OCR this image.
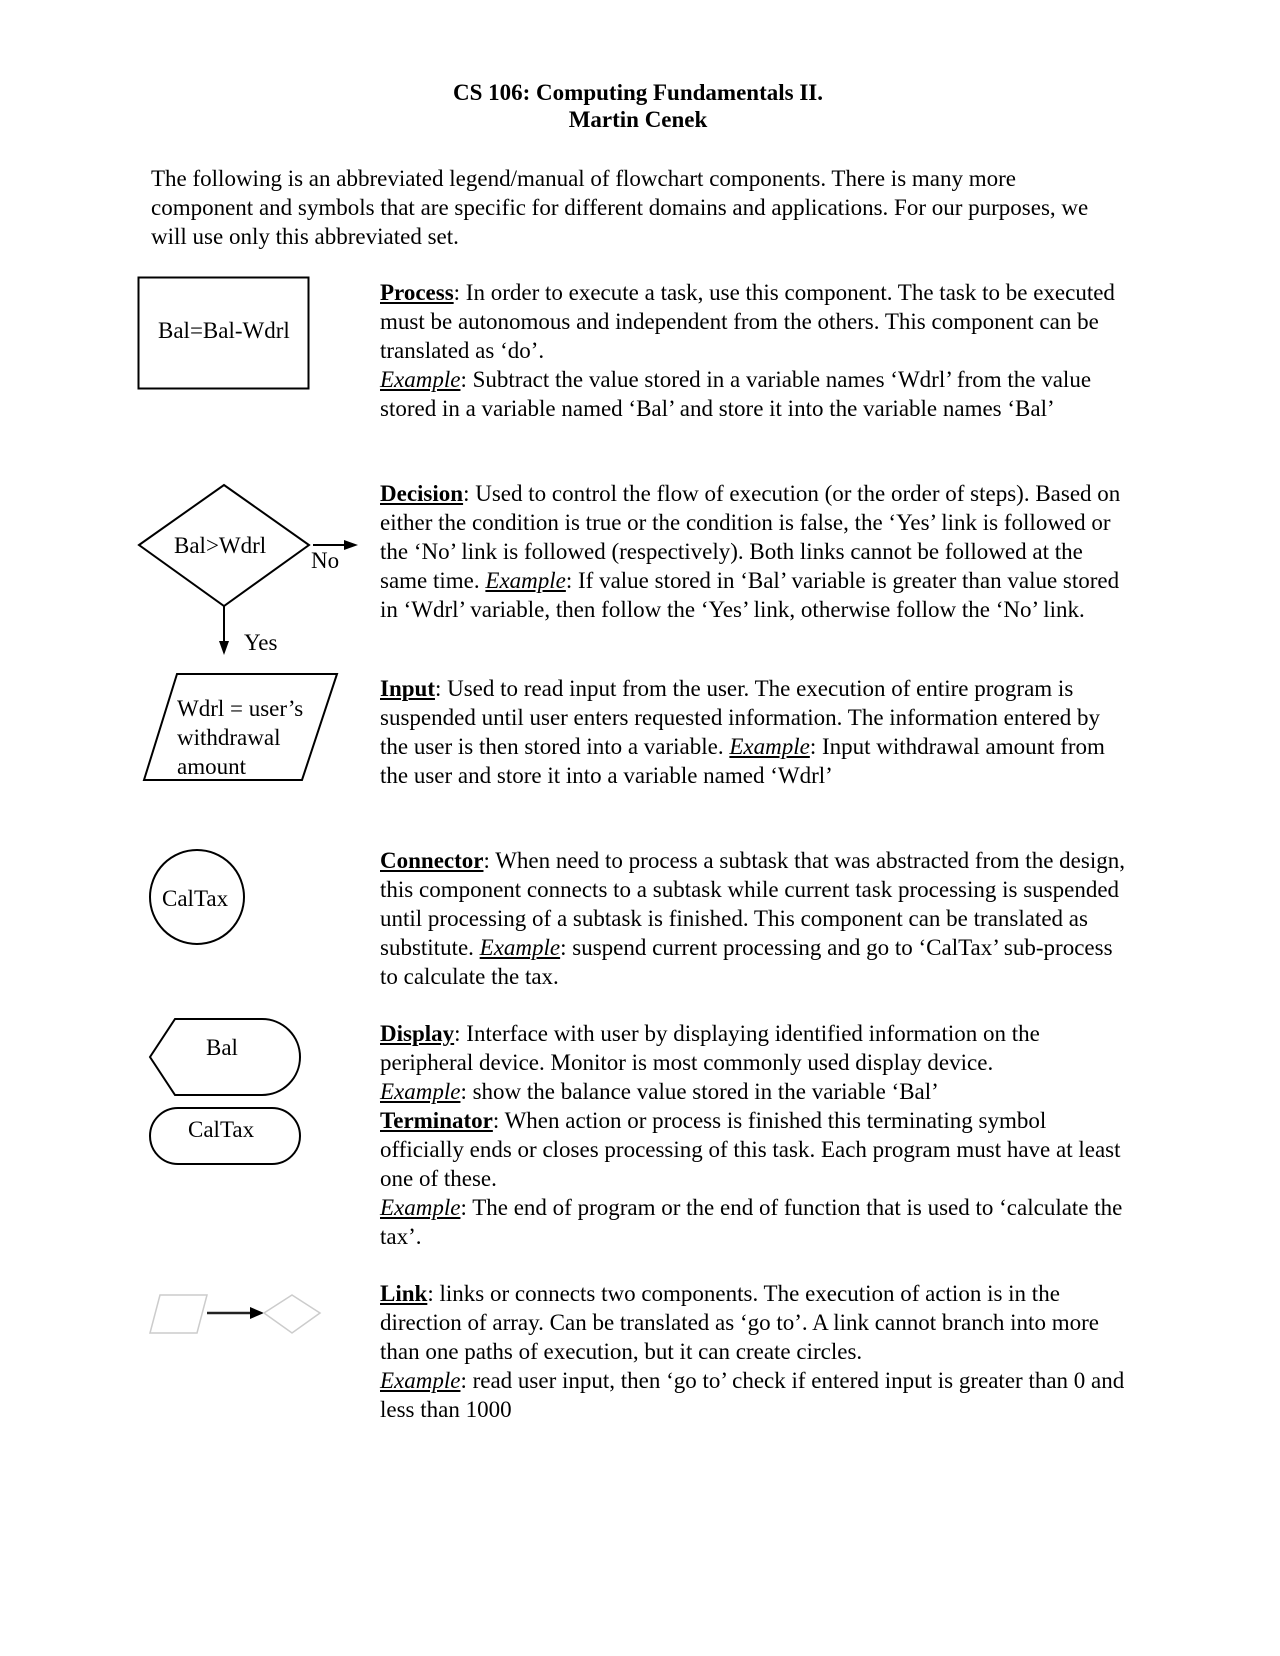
CS 106: Computing Fundamentals II.
Martin Cenek
The following is an abbreviated legend/manual of flowchart components. There is many more component and symbols that are specific for different domains and applications. For our purposes, we will use only this abbreviated set.
Bal=Bal-Wdrl
Bal>Wdrl
No
Yes
Wdrl = user’s
withdrawal
amount
CalTax
Bal
CalTax
Process: In order to execute a task, use this component. The task to be executed must be autonomous and independent from the others. This component can be translated as ‘do’.
Example: Subtract the value stored in a variable names ‘Wdrl’ from the value stored in a variable named ‘Bal’ and store it into the variable names ‘Bal’
Decision: Used to control the flow of execution (or the order of steps). Based on either the condition is true or the condition is false, the ‘Yes’ link is followed or the ‘No’ link is followed (respectively). Both links cannot be followed at the same time. Example: If value stored in ‘Bal’ variable is greater than value stored in ‘Wdrl’ variable, then follow the ‘Yes’ link, otherwise follow the ‘No’ link.
Input: Used to read input from the user. The execution of entire program is suspended until user enters requested information. The information entered by the user is then stored into a variable. Example: Input withdrawal amount from the user and store it into a variable named ‘Wdrl’
Connector: When need to process a subtask that was abstracted from the design, this component connects to a subtask while current task processing is suspended until processing of a subtask is finished. This component can be translated as substitute. Example: suspend current processing and go to ‘CalTax’ sub-process to calculate the tax.
Display: Interface with user by displaying identified information on the peripheral device. Monitor is most commonly used display device.
Example: show the balance value stored in the variable ‘Bal’
Terminator: When action or process is finished this terminating symbol officially ends or closes processing of this task. Each program must have at least one of these.
Example: The end of program or the end of function that is used to ‘calculate the tax’.
Link: links or connects two components. The execution of action is in the direction of array. Can be translated as ‘go to’. A link cannot branch into more than one paths of execution, but it can create circles.
Example: read user input, then ‘go to’ check if entered input is greater than 0 and less than 1000
